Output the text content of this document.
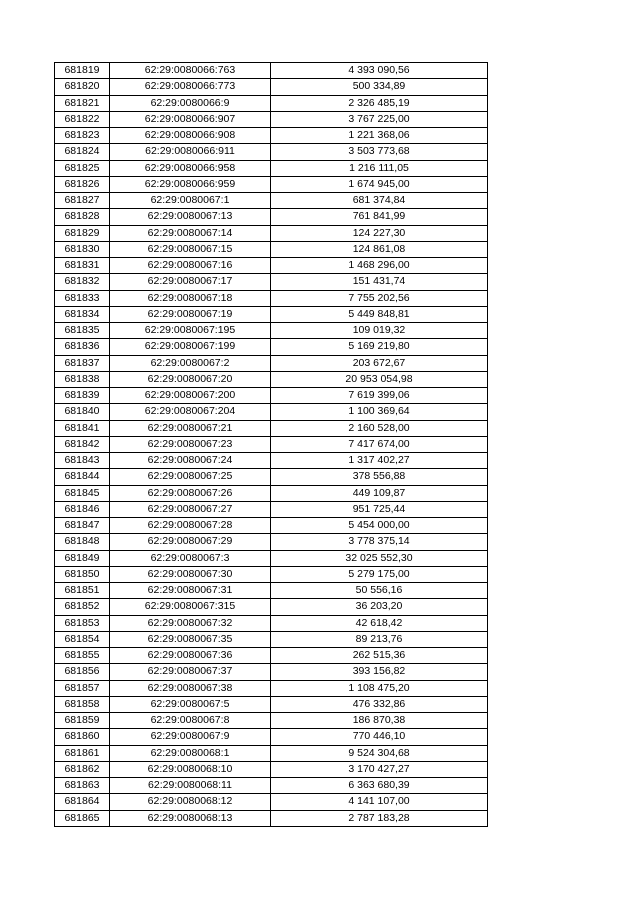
681819	62:29:0080066:763	4 393 090,56
681820	62:29:0080066:773	500 334,89
681821	62:29:0080066:9	2 326 485,19
681822	62:29:0080066:907	3 767 225,00
681823	62:29:0080066:908	1 221 368,06
681824	62:29:0080066:911	3 503 773,68
681825	62:29:0080066:958	1 216 111,05
681826	62:29:0080066:959	1 674 945,00
681827	62:29:0080067:1	681 374,84
681828	62:29:0080067:13	761 841,99
681829	62:29:0080067:14	124 227,30
681830	62:29:0080067:15	124 861,08
681831	62:29:0080067:16	1 468 296,00
681832	62:29:0080067:17	151 431,74
681833	62:29:0080067:18	7 755 202,56
681834	62:29:0080067:19	5 449 848,81
681835	62:29:0080067:195	109 019,32
681836	62:29:0080067:199	5 169 219,80
681837	62:29:0080067:2	203 672,67
681838	62:29:0080067:20	20 953 054,98
681839	62:29:0080067:200	7 619 399,06
681840	62:29:0080067:204	1 100 369,64
681841	62:29:0080067:21	2 160 528,00
681842	62:29:0080067:23	7 417 674,00
681843	62:29:0080067:24	1 317 402,27
681844	62:29:0080067:25	378 556,88
681845	62:29:0080067:26	449 109,87
681846	62:29:0080067:27	951 725,44
681847	62:29:0080067:28	5 454 000,00
681848	62:29:0080067:29	3 778 375,14
681849	62:29:0080067:3	32 025 552,30
681850	62:29:0080067:30	5 279 175,00
681851	62:29:0080067:31	50 556,16
681852	62:29:0080067:315	36 203,20
681853	62:29:0080067:32	42 618,42
681854	62:29:0080067:35	89 213,76
681855	62:29:0080067:36	262 515,36
681856	62:29:0080067:37	393 156,82
681857	62:29:0080067:38	1 108 475,20
681858	62:29:0080067:5	476 332,86
681859	62:29:0080067:8	186 870,38
681860	62:29:0080067:9	770 446,10
681861	62:29:0080068:1	9 524 304,68
681862	62:29:0080068:10	3 170 427,27
681863	62:29:0080068:11	6 363 680,39
681864	62:29:0080068:12	4 141 107,00
681865	62:29:0080068:13	2 787 183,28
